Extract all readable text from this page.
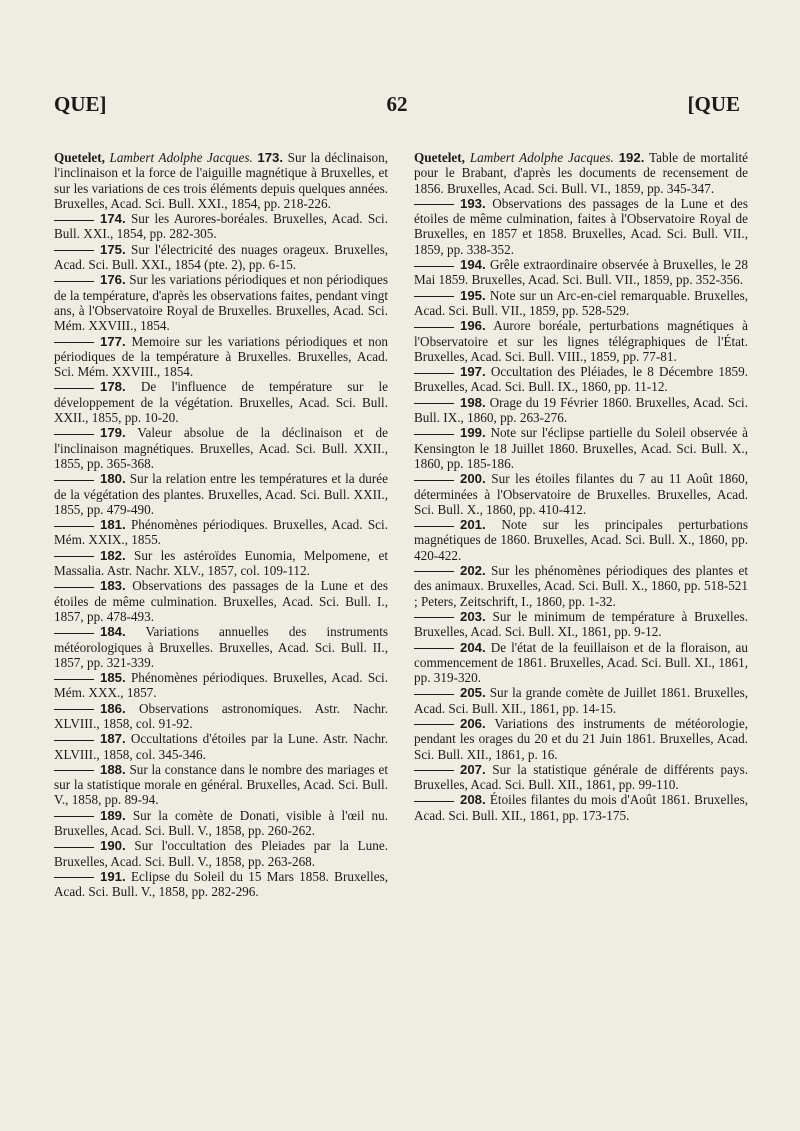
QUE]	62	[QUE
Quetelet, Lambert Adolphe Jacques. 173. Sur la déclinaison, l'inclinaison et la force de l'aiguille magnétique à Bruxelles, et sur les variations de ces trois éléments depuis quelques années. Bruxelles, Acad. Sci. Bull. XXI., 1854, pp. 218-226.
174. Sur les Aurores-boréales. Bruxelles, Acad. Sci. Bull. XXI., 1854, pp. 282-305.
175. Sur l'électricité des nuages orageux. Bruxelles, Acad. Sci. Bull. XXI., 1854 (pte. 2), pp. 6-15.
176. Sur les variations périodiques et non périodiques de la température, d'après les observations faites, pendant vingt ans, à l'Observatoire Royal de Bruxelles. Bruxelles, Acad. Sci. Mém. XXVIII., 1854.
177. Memoire sur les variations périodiques et non périodiques de la température à Bruxelles. Bruxelles, Acad. Sci. Mém. XXVIII., 1854.
178. De l'influence de température sur le développement de la végétation. Bruxelles, Acad. Sci. Bull. XXII., 1855, pp. 10-20.
179. Valeur absolue de la déclinaison et de l'inclinaison magnétiques. Bruxelles, Acad. Sci. Bull. XXII., 1855, pp. 365-368.
180. Sur la relation entre les températures et la durée de la végétation des plantes. Bruxelles, Acad. Sci. Bull. XXII., 1855, pp. 479-490.
181. Phénomènes périodiques. Bruxelles, Acad. Sci. Mém. XXIX., 1855.
182. Sur les astéroïdes Eunomia, Melpomene, et Massalia. Astr. Nachr. XLV., 1857, col. 109-112.
183. Observations des passages de la Lune et des étoiles de même culmination. Bruxelles, Acad. Sci. Bull. I., 1857, pp. 478-493.
184. Variations annuelles des instruments météorologiques à Bruxelles. Bruxelles, Acad. Sci. Bull. II., 1857, pp. 321-339.
185. Phénomènes périodiques. Bruxelles, Acad. Sci. Mém. XXX., 1857.
186. Observations astronomiques. Astr. Nachr. XLVIII., 1858, col. 91-92.
187. Occultations d'étoiles par la Lune. Astr. Nachr. XLVIII., 1858, col. 345-346.
188. Sur la constance dans le nombre des mariages et sur la statistique morale en général. Bruxelles, Acad. Sci. Bull. V., 1858, pp. 89-94.
189. Sur la comète de Donati, visible à l'œil nu. Bruxelles, Acad. Sci. Bull. V., 1858, pp. 260-262.
190. Sur l'occultation des Pleiades par la Lune. Bruxelles, Acad. Sci. Bull. V., 1858, pp. 263-268.
191. Eclipse du Soleil du 15 Mars 1858. Bruxelles, Acad. Sci. Bull. V., 1858, pp. 282-296.
Quetelet, Lambert Adolphe Jacques. 192. Table de mortalité pour le Brabant, d'après les documents de recensement de 1856. Bruxelles, Acad. Sci. Bull. VI., 1859, pp. 345-347.
193. Observations des passages de la Lune et des étoiles de même culmination, faites à l'Observatoire Royal de Bruxelles, en 1857 et 1858. Bruxelles, Acad. Sci. Bull. VII., 1859, pp. 338-352.
194. Grêle extraordinaire observée à Bruxelles, le 28 Mai 1859. Bruxelles, Acad. Sci. Bull. VII., 1859, pp. 352-356.
195. Note sur un Arc-en-ciel remarquable. Bruxelles, Acad. Sci. Bull. VII., 1859, pp. 528-529.
196. Aurore boréale, perturbations magnétiques à l'Observatoire et sur les lignes télégraphiques de l'État. Bruxelles, Acad. Sci. Bull. VIII., 1859, pp. 77-81.
197. Occultation des Pléiades, le 8 Décembre 1859. Bruxelles, Acad. Sci. Bull. IX., 1860, pp. 11-12.
198. Orage du 19 Février 1860. Bruxelles, Acad. Sci. Bull. IX., 1860, pp. 263-276.
199. Note sur l'éclipse partielle du Soleil observée à Kensington le 18 Juillet 1860. Bruxelles, Acad. Sci. Bull. X., 1860, pp. 185-186.
200. Sur les étoiles filantes du 7 au 11 Août 1860, déterminées à l'Observatoire de Bruxelles. Bruxelles, Acad. Sci. Bull. X., 1860, pp. 410-412.
201. Note sur les principales perturbations magnétiques de 1860. Bruxelles, Acad. Sci. Bull. X., 1860, pp. 420-422.
202. Sur les phénomènes périodiques des plantes et des animaux. Bruxelles, Acad. Sci. Bull. X., 1860, pp. 518-521 ; Peters, Zeitschrift, I., 1860, pp. 1-32.
203. Sur le minimum de température à Bruxelles. Bruxelles, Acad. Sci. Bull. XI., 1861, pp. 9-12.
204. De l'état de la feuillaison et de la floraison, au commencement de 1861. Bruxelles, Acad. Sci. Bull. XI., 1861, pp. 319-320.
205. Sur la grande comète de Juillet 1861. Bruxelles, Acad. Sci. Bull. XII., 1861, pp. 14-15.
206. Variations des instruments de météorologie, pendant les orages du 20 et du 21 Juin 1861. Bruxelles, Acad. Sci. Bull. XII., 1861, p. 16.
207. Sur la statistique générale de différents pays. Bruxelles, Acad. Sci. Bull. XII., 1861, pp. 99-110.
208. Étoiles filantes du mois d'Août 1861. Bruxelles, Acad. Sci. Bull. XII., 1861, pp. 173-175.
